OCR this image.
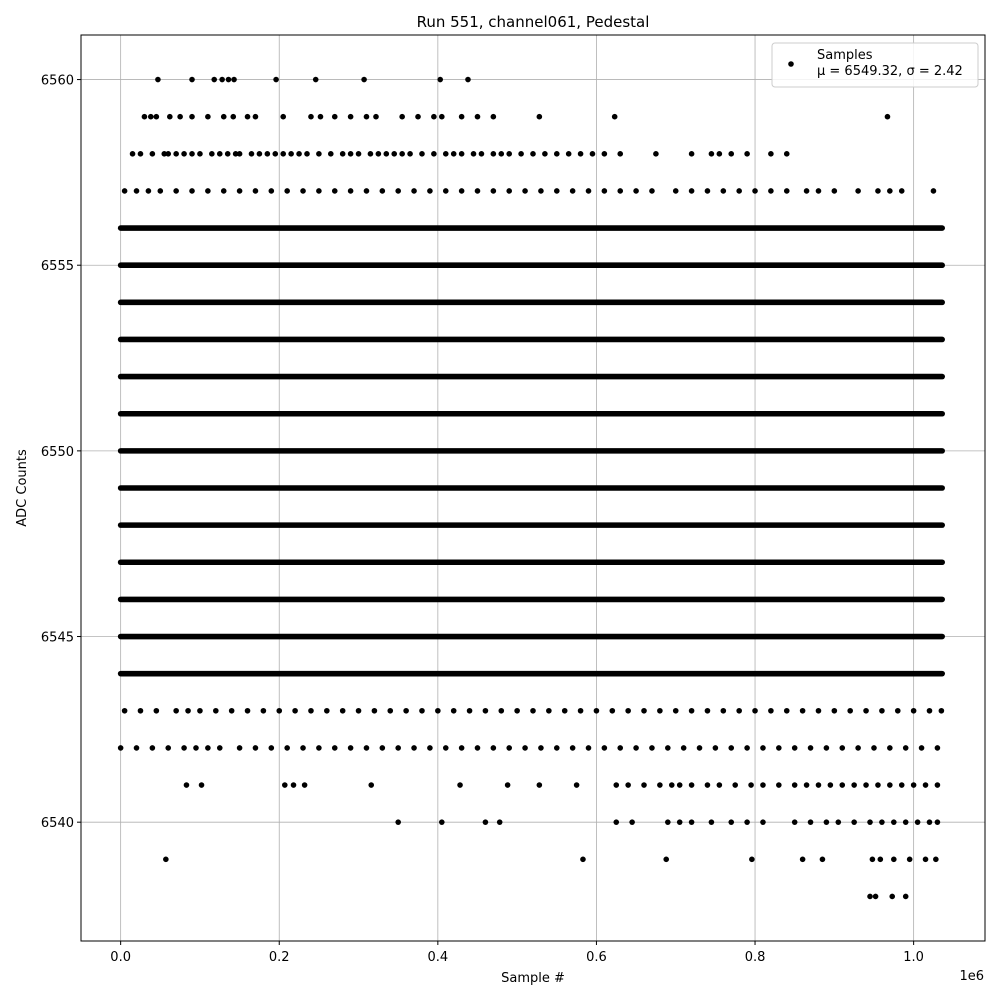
0.0	0.2	0.4	0.6	0.8	1.0
6540
6545
6550
6555
6560
Run 551, channel061, Pedestal
Sample #
ADC Counts
1e6
Samples
μ = 6549.32, σ = 2.42
